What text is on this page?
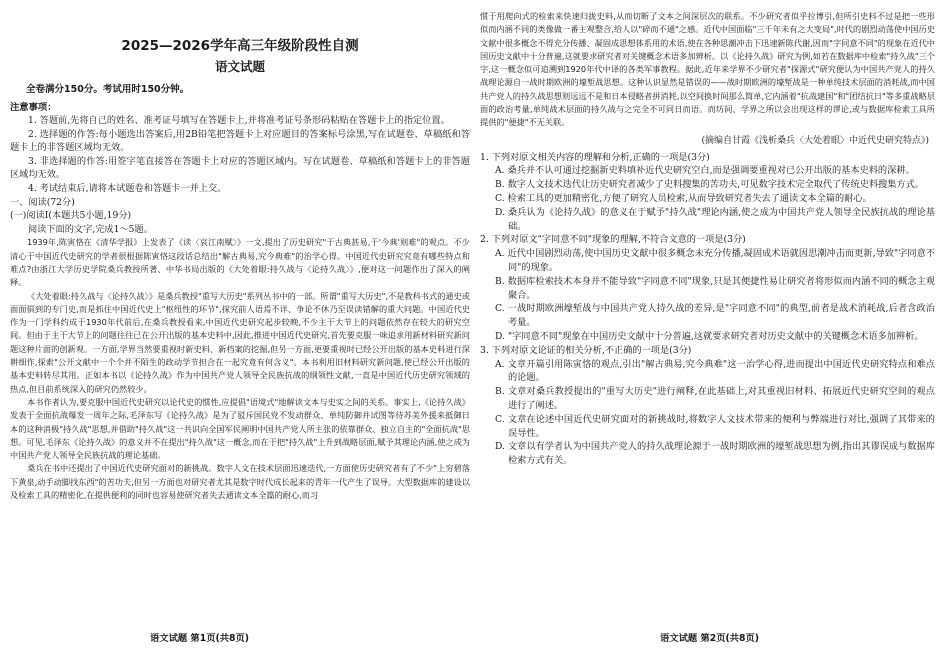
2025—2026学年高三年级阶段性自测
语文试题
全卷满分150分。考试用时150分钟。
注意事项：

1. 答题前,先将自己的姓名、准考证号填写在答题卡上,并将准考证号条形码粘贴在答题卡上的指定位置。

2. 选择题的作答:每小题选出答案后,用2B铅笔把答题卡上对应题目的答案标号涂黑,写在试题卷、草稿纸和答题卡上的非答题区域均无效。

3. 非选择题的作答:用签字笔直接答在答题卡上对应的答题区域内。写在试题卷、草稿纸和答题卡上的非答题区域均无效。

4. 考试结束后,请将本试题卷和答题卡一并上交。

一、阅读(72分)
(一)阅读Ⅰ(本题共5小题,19分)

阅读下面的文字,完成1～5题。

1939年,陈寅恪在《清华学报》上发表了《读〈哀江南赋〉》一文,提出了历史研究"于古典甚易,于'今典'则难"的观点。不少清心于中国近代史研究的学者很根据陈寅恪这段话总结出"解古典易,究今典难"的治学心得。中国近代史研究究竟有哪些特点和难点?由浙江大学历史学院桑兵教授所著、中华书局出版的《大处着眼:持久战与〈论持久战〉》,便对这一问题作出了深入的阐释。

《大处着眼:持久战与〈论持久战〉》是桑兵教授"重写大历史"系列丛书中的一部。所谓"重写大历史",不是教科书式的通史或面面俱到的专门史,而是抓住中国近代史上"枢纽性的环节",探究前人语焉不详、争论不休乃至误读错解的重大问题。中国近代史作为一门学科约成于1930年代前后,在桑兵教授看来,中国近代史研究起步较晚,不少主干大节上的问题依然存在较大的研究空间。但由于主干大节上的问题往往已在公开出版的基本史料中,因此,推进中国近代史研究,首先要克服一味追求用新材料研究新问题这种片面的创新观。一方面,学界当然要重视时新史料、新档案的挖掘,但另一方面,更要重视时已经公开出版的基本史料进行深耕细作,探索"公开文献中一个个并不陌生的政动学节担合在一起究竟有何含义"。本书利用旧材料研究新问题,使已经公开出版的基本史料转尽其用。正如本书以《论持久战》作为中国共产党人领导全民族抗战的纲领性文献,一直是中国近代历史研究领域的热点,但目前系统深入的研究仍然较少。

本书作者认为,要克服中国近代史研究以论代史的惯性,应提倡"语境式"地解读文本与史实之间的关系。事实上,《论持久战》发表于全面抗战爆发一周年之际,毛泽东写《论持久战》是为了驳斥国民党不发动群众、单纯防御并试图等待苏美外援来抵御日本的这种消极"持久战"思想,并借助"持久战"这一共识向全国军民阐明中国共产党人所主张的依靠群众、独立自主的"全面抗战"思想。可见,毛泽东《论持久战》的意义并不在提出"持久战"这一概念,而在于把"持久战"上升到战略层面,赋予其理论内涵,使之成为中国共产党人领导全民族抗战的理论基础。

桑兵在书中还提出了中国近代史研究面对的新挑战。数字人文在技术层面迅速迭代,一方面使历史研究者有了不少"上穷碧落下黄泉,动手动脚找东西"的苦功夫,但另一方面也对研究者尤其是数字时代成长起来的青年一代产生了误导。大型数据库的建设以及检索工具的精密化,在提供便利的同时也容易使研究者失去通读文本全篇的耐心,而习

惯于用爬向式的检索来快速归拢史料,从而切断了文本之间深层次的联系。不少研究者似乎拉博引,但所引史料不过是把一些形似而内涵不同的类像做一番主观整合,给人以"碎而不通"之感。近代中国面临"三千年未有之大变局",时代的剧烈动荡使中国历史文献中很多概念不得充分传播、凝固成思想体系用的术语,使在各种思潮冲击下迅速新陈代谢,因而"字同意不同"的现象在近代中国历史文献中十分普遍,这就要求研究者对关键概念术语多加辨析。以《论持久战》研究为例,如若在数据库中检索"持久战"三个字,这一概念似可追溯到1920年代中译的各类军事教程。据此,近年来学界不少研究者"探源式"研究便认为中国共产党人的持久战理论源自一战时期欧洲的壕堑战思想。这种认识显然是错误的——战时期欧洲的壕堑战是一种单纯技术层面的消耗战,而中国共产党人的持久战思想则远远不是和日本侵略者拼消耗,以空间换时间那么简单,它内涵着"抗战建国"和"团结抗日"等多重战略层面的政治考量,单纯战术层面的持久战与之完全不可同日而语。而坊间、学界之所以会出现这样的谬论,或与数据库检索工具所提供的"便捷"不无关联。

(摘编自甘霞《浅析桑兵〈大处着眼〉中近代史研究特点》)

1. 下列对原文相关内容的理解和分析,正确的一项是(3分)

A. 桑兵并不认可通过挖掘新史料填补近代史研究空白,而是强调要重视对已公开出版的基本史料的深耕。

B. 数字人文技术迭代让历史研究者减少了史料搜集的苦功夫,可见数字技术完全取代了传统史料搜集方式。

C. 检索工具的更加精密化,方便了研究人员检索,从而导致研究者失去了通读文本全篇的耐心。

D. 桑兵认为《论持久战》的意义在于赋予"持久战"理论内涵,使之成为中国共产党人领导全民族抗战的理论基础。

2. 下列对原文"字同意不同"现象的理解,不符合文意的一项是(3分)

A. 近代中国剧烈动荡,使中国历史文献中很多概念未充分传播,凝固成术语就因思潮冲击而更新,导致"字同意不同"的现象。

B. 数据库检索技术本身并不能导致"字同意不同"现象,只是其便捷性易让研究者将形似而内涵不同的概念主观聚合。

C. 一战时期欧洲壕堑战与中国共产党人持久战的差异,是"字同意不同"的典型,前者是战术消耗战,后者含政治考量。

D. "字同意不同"现象在中国历史文献中十分普遍,这就要求研究者对历史文献中的关键概念术语多加辨析。

3. 下列对原文论证的相关分析,不正确的一项是(3分)

A. 文章开篇引用陈寅恪的观点,引出"解古典易,究今典难"这一治学心得,进而提出中国近代史研究特点和难点的论题。

B. 文章对桑兵教授提出的"重写大历史"进行阐释,在此基础上,对其重视旧材料、拓展近代史研究空间的观点进行了阐述。

C. 文章在论述中国近代史研究面对的新挑战时,将数字人文技术带来的便利与弊端进行对比,强调了其带来的误导性。

D. 文章以有学者认为中国共产党人的持久战理论源于一战时期欧洲的壕堑战思想为例,指出其谬误成与数据库检索方式有关。

语文试题 第1页(共8页)	语文试题 第2页(共8页)
